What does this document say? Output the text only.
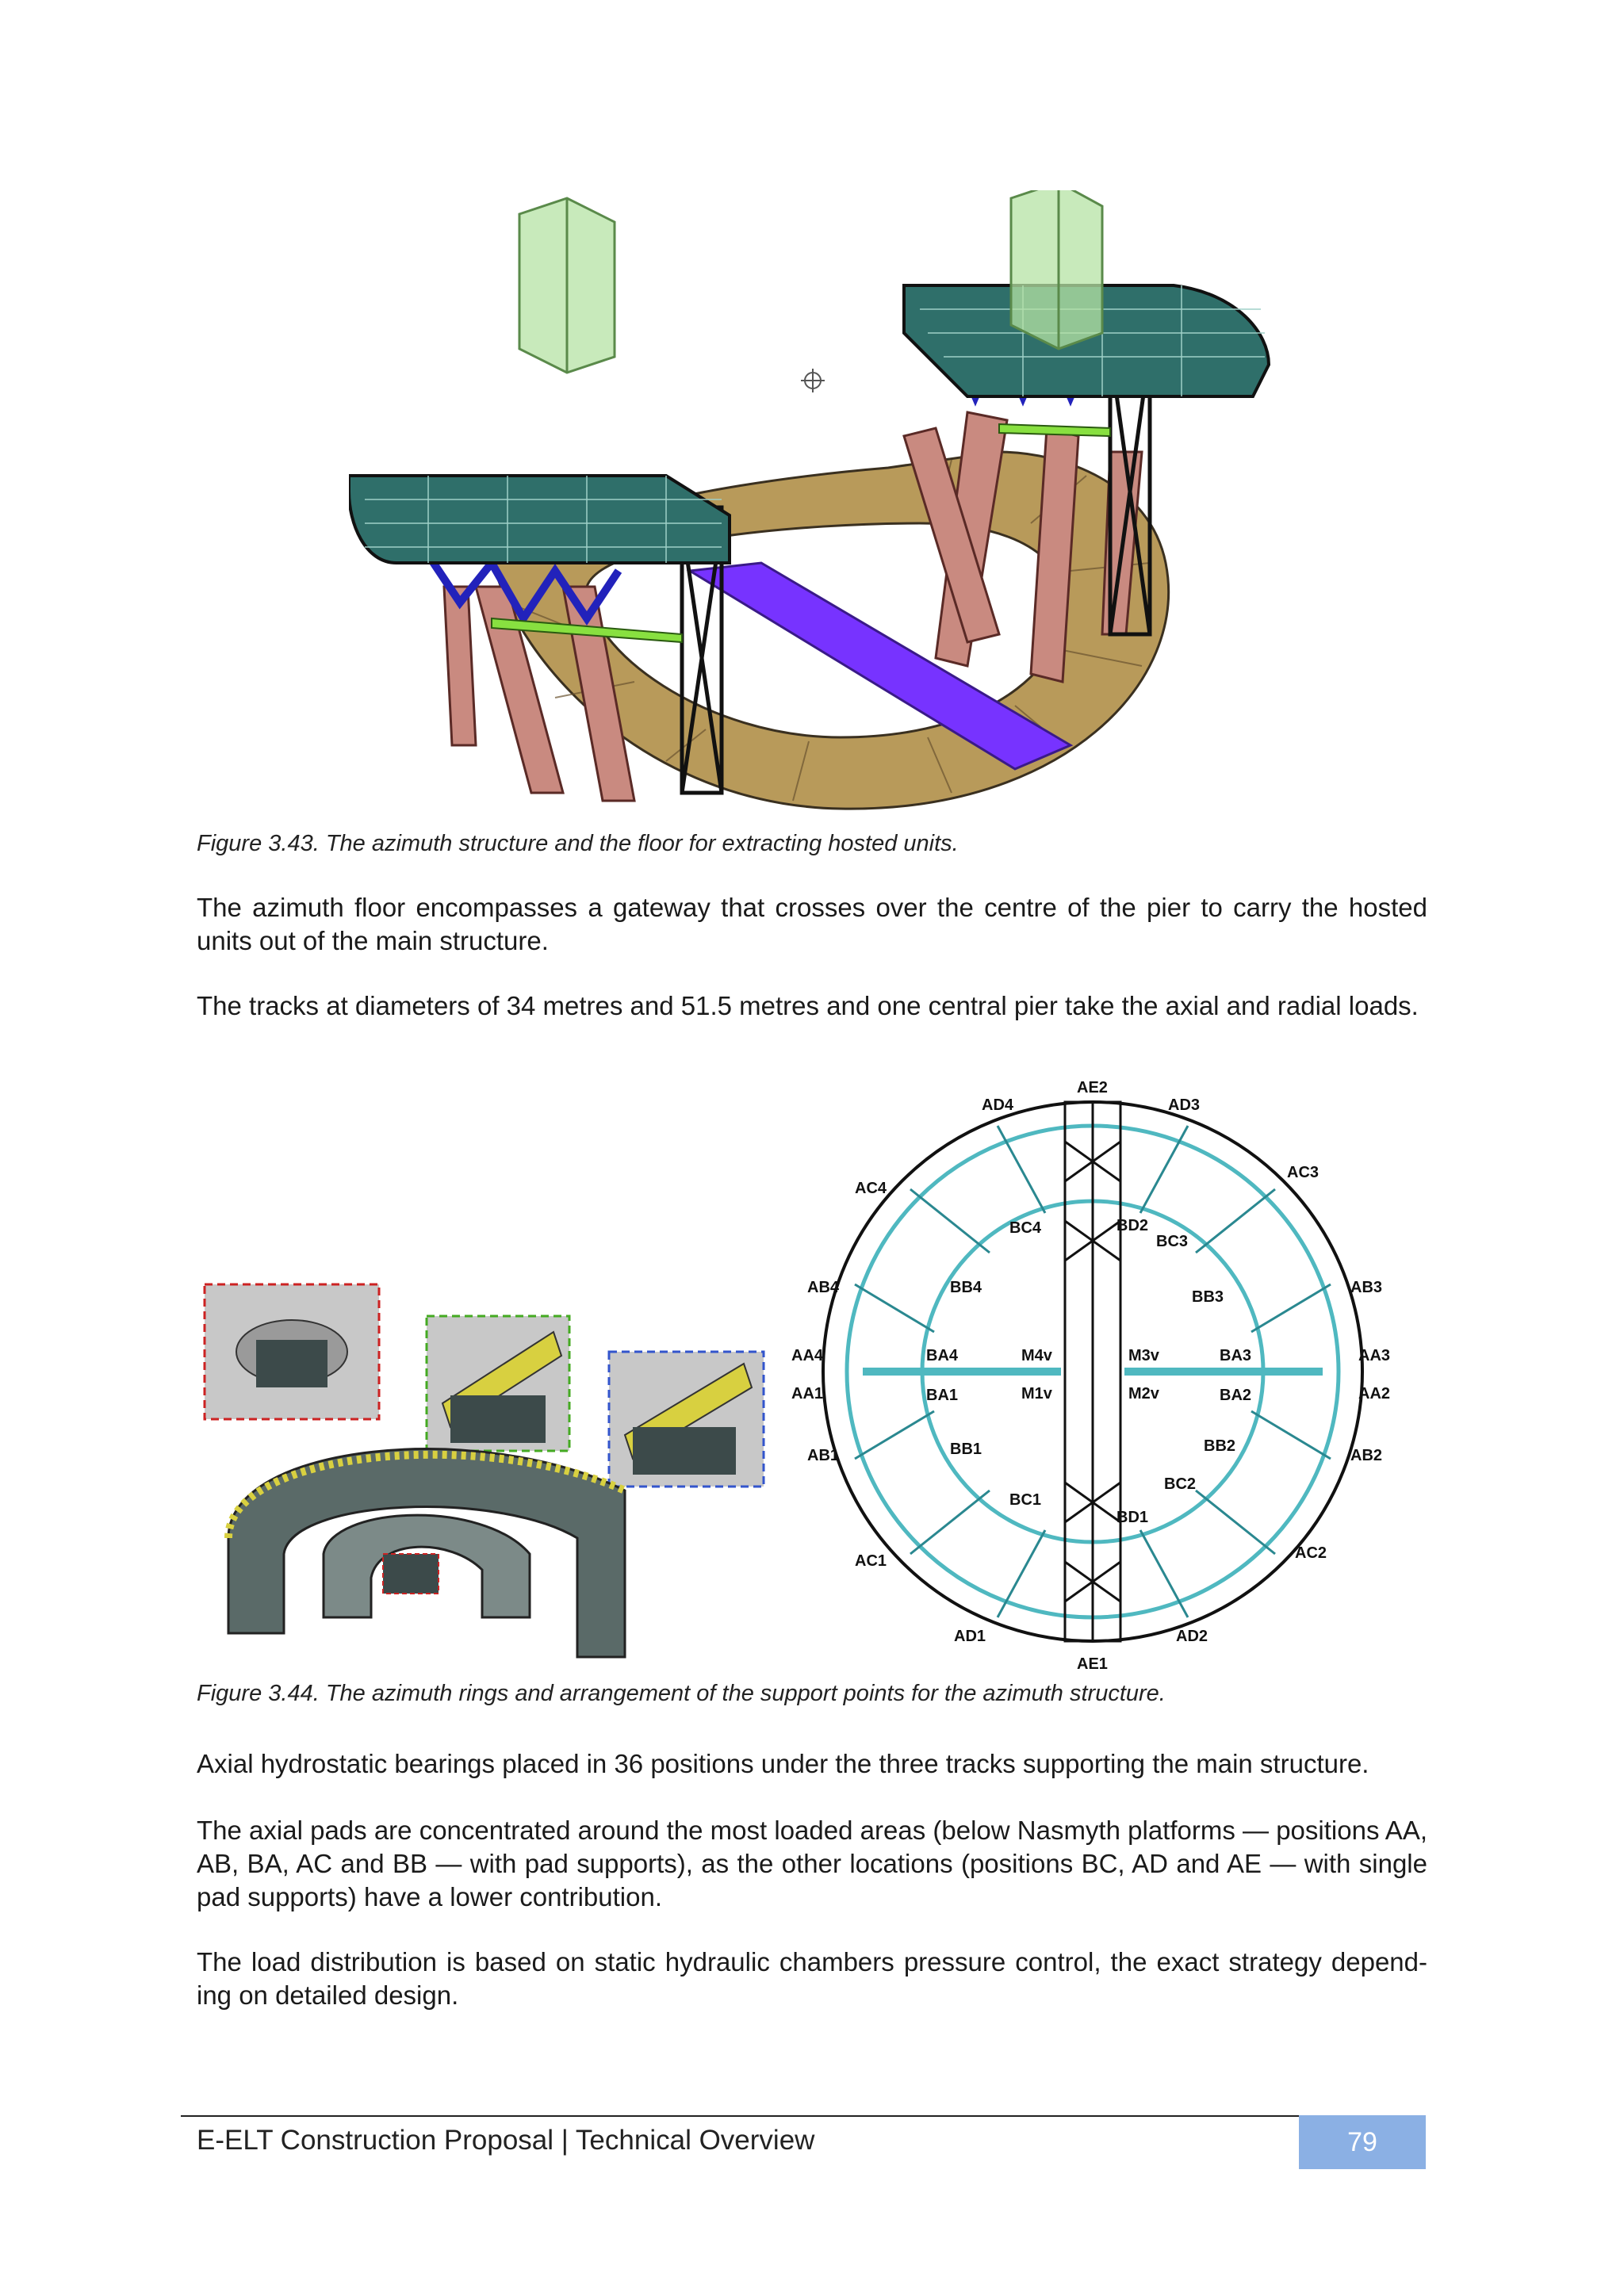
Figure 3.43. The azimuth structure and the floor for extracting hosted units.

The azimuth floor encompasses a gateway that crosses over the centre of the pier to carry the hosted units out of the main structure.

The tracks at diameters of 34 metres and 51.5 metres and one central pier take the axial and radial loads.

AE2
AD4	AD3
AC4
AC3
BC4	BD2
BC3
AB4	BB4
BB3
AB3
AA4	BA4	M4v	M3v	BA3	AA3
AA1	BA1	M1v	M2v	BA2	AA2
AB1	BB1	BB2
AB2
BC2
BC1
BD1
AC1	AC2
AD1	AD2
AE1
Figure 3.44. The azimuth rings and arrangement of the support points for the azimuth structure.

Axial hydrostatic bearings placed in 36 positions under the three tracks supporting the main structure.

The axial pads are concentrated around the most loaded areas (below Nasmyth platforms — positions AA, AB, BA, AC and BB — with pad supports), as the other locations (positions BC, AD and AE — with single pad supports) have a lower contribution.

The load distribution is based on static hydraulic chambers pressure control, the exact strategy depend-ing on detailed design.

E-ELT Construction Proposal | Technical Overview	79
